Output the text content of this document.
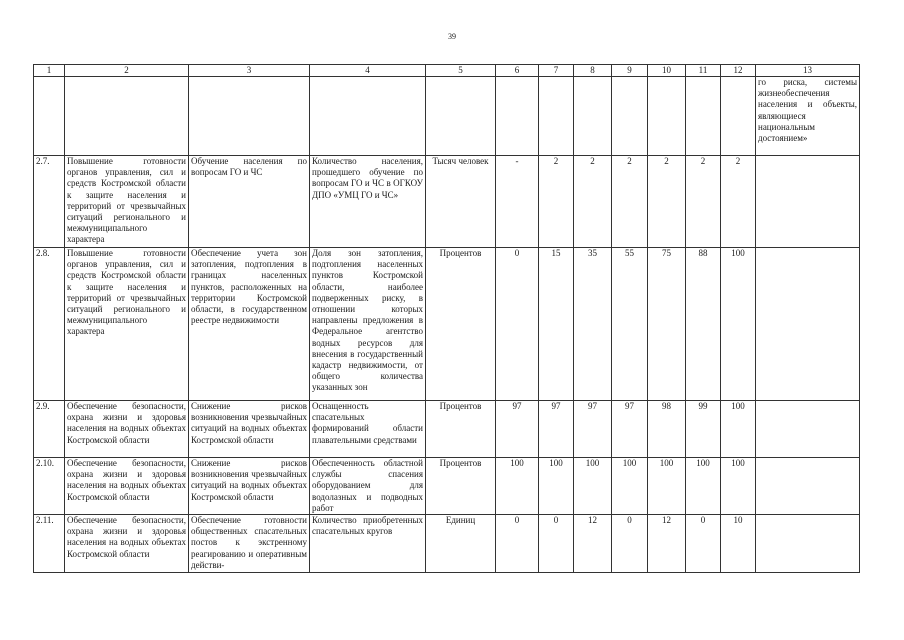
39
1	2	3	4	5	6	7	8	9	10	11	12	13
												го риска, системы жизнеобеспечения населения и объекты, являющиеся национальным достоянием»
2.7.	Повышение готовности органов управления, сил и средств Костромской области к защите населения и территорий от чрезвычайных ситуаций регионального и межмуниципального характера	Обучение населения по вопросам ГО и ЧС	Количество населения, прошедшего обучение по вопросам ГО и ЧС в ОГКОУ ДПО «УМЦ ГО и ЧС»	Тысяч человек	-	2	2	2	2	2	2	
2.8.	Повышение готовности органов управления, сил и средств Костромской области к защите населения и территорий от чрезвычайных ситуаций регионального и межмуниципального характера	Обеспечение учета зон затопления, подтопления в границах населенных пунктов, расположенных на территории Костромской области, в государственном реестре недвижимости	Доля зон затопления, подтопления населенных пунктов Костромской области, наиболее подверженных риску, в отношении которых направлены предложения в Федеральное агентство водных ресурсов для внесения в государственный кадастр недвижимости, от общего количества указанных зон	Процентов	0	15	35	55	75	88	100	
2.9.	Обеспечение безопасности, охрана жизни и здоровья населения на водных объектах Костромской области	Снижение рисков возникновения чрезвычайных ситуаций на водных объектах Костромской области	Оснащенность спасательных формирований области плавательными средствами	Процентов	97	97	97	97	98	99	100	
2.10.	Обеспечение безопасности, охрана жизни и здоровья населения на водных объектах Костромской области	Снижение рисков возникновения чрезвычайных ситуаций на водных объектах Костромской области	Обеспеченность областной службы спасения оборудованием для водолазных и подводных работ	Процентов	100	100	100	100	100	100	100	
2.11.	Обеспечение безопасности, охрана жизни и здоровья населения на водных объектах Костромской области	Обеспечение готовности общественных спасательных постов к экстренному реагированию и оперативным действи-	Количество приобретенных спасательных кругов	Единиц	0	0	12	0	12	0	10	
